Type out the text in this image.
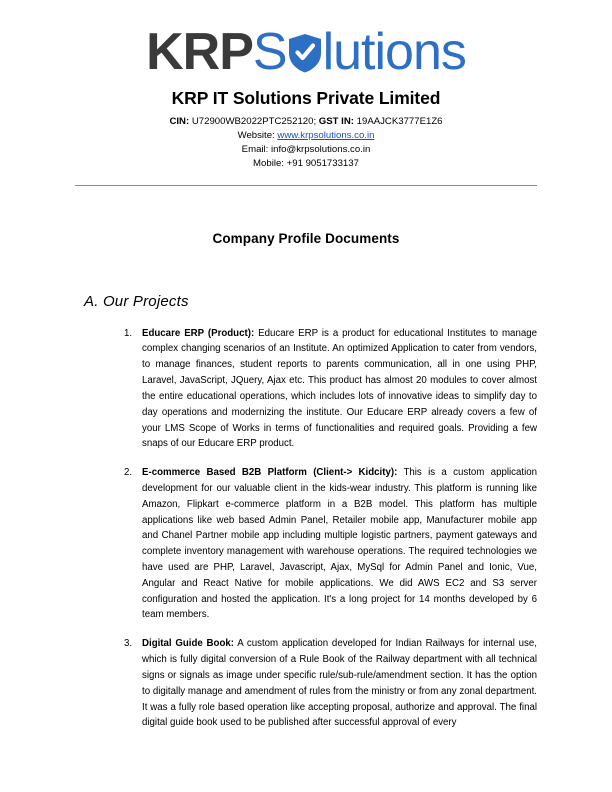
KRP S lutions
KRP IT Solutions Private Limited
CIN: U72900WB2022PTC252120; GST IN: 19AAJCK3777E1Z6
Website: www.krpsolutions.co.in
Email: info@krpsolutions.co.in
Mobile: +91 9051733137
Company Profile Documents
A. Our Projects
1. Educare ERP (Product): Educare ERP is a product for educational Institutes to manage complex changing scenarios of an Institute. An optimized Application to cater from vendors, to manage finances, student reports to parents communication, all in one using PHP, Laravel, JavaScript, JQuery, Ajax etc. This product has almost 20 modules to cover almost the entire educational operations, which includes lots of innovative ideas to simplify day to day operations and modernizing the institute. Our Educare ERP already covers a few of your LMS Scope of Works in terms of functionalities and required goals. Providing a few snaps of our Educare ERP product.
2. E-commerce Based B2B Platform (Client-> Kidcity): This is a custom application development for our valuable client in the kids-wear industry. This platform is running like Amazon, Flipkart e-commerce platform in a B2B model. This platform has multiple applications like web based Admin Panel, Retailer mobile app, Manufacturer mobile app and Chanel Partner mobile app including multiple logistic partners, payment gateways and complete inventory management with warehouse operations. The required technologies we have used are PHP, Laravel, Javascript, Ajax, MySql for Admin Panel and Ionic, Vue, Angular and React Native for mobile applications. We did AWS EC2 and S3 server configuration and hosted the application. It's a long project for 14 months developed by 6 team members.
3. Digital Guide Book: A custom application developed for Indian Railways for internal use, which is fully digital conversion of a Rule Book of the Railway department with all technical signs or signals as image under specific rule/sub-rule/amendment section. It has the option to digitally manage and amendment of rules from the ministry or from any zonal department. It was a fully role based operation like accepting proposal, authorize and approval. The final digital guide book used to be published after successful approval of every
